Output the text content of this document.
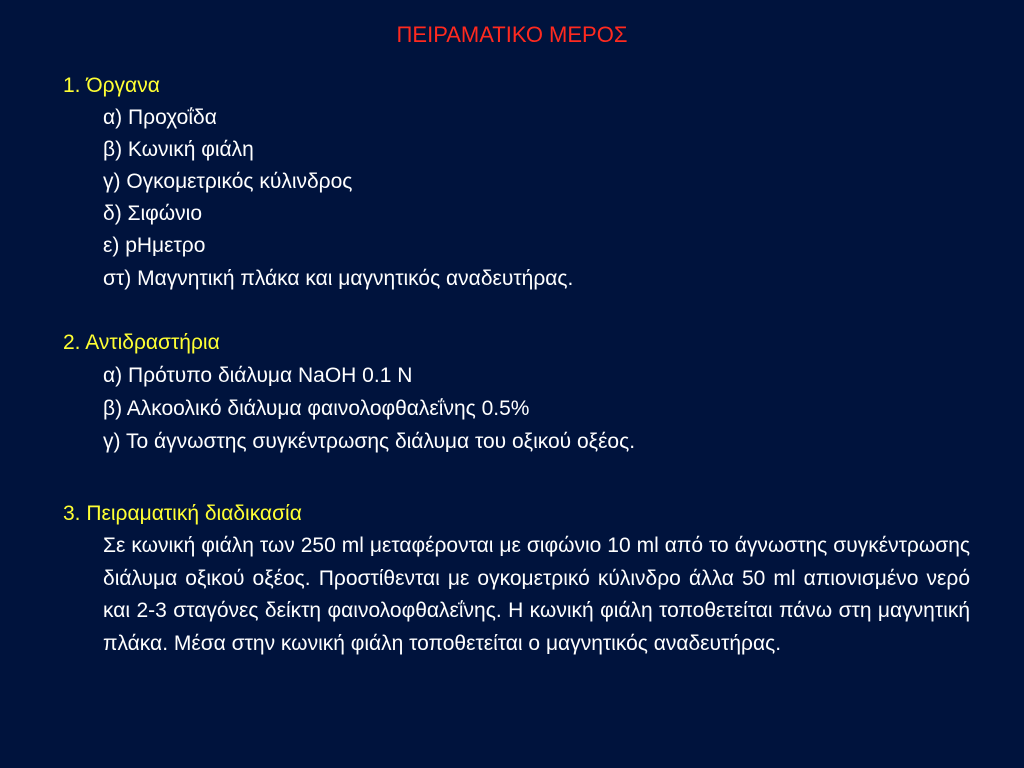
ΠΕΙΡΑΜΑΤΙΚΟ ΜΕΡΟΣ
1. Όργανα
α) Προχοΐδα
β) Κωνική φιάλη
γ) Ογκομετρικός κύλινδρος
δ) Σιφώνιο
ε) pHμετρο
στ) Μαγνητική πλάκα και μαγνητικός αναδευτήρας.
2. Αντιδραστήρια
α) Πρότυπο διάλυμα NaOH 0.1 N
β) Αλκοολικό διάλυμα φαινολοφθαλεΐνης 0.5%
γ) Το άγνωστης συγκέντρωσης διάλυμα του οξικού οξέος.
3. Πειραματική διαδικασία

Σε κωνική φιάλη των 250 ml μεταφέρονται με σιφώνιο 10 ml από το άγνωστης συγκέντρωσης διάλυμα οξικού οξέος. Προστίθενται με ογκομετρικό κύλινδρο άλλα 50 ml απιονισμένο νερό και 2-3 σταγόνες δείκτη φαινολοφθαλεΐνης. Η κωνική φιάλη τοποθετείται πάνω στη μαγνητική πλάκα. Μέσα στην κωνική φιάλη τοποθετείται ο μαγνητικός αναδευτήρας.
